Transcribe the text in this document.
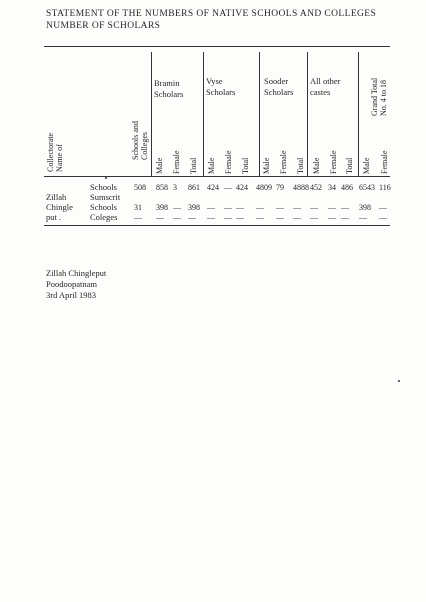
STATEMENT OF THE NUMBERS OF NATIVE SCHOOLS AND COLLEGES
NUMBER OF SCHOLARS
Bramin
Scholars
Vyse
Scholars
Sooder
Scholars
All other
castes
Collectorate Name of	Schools and Colleges
Grand Total No. 4 to 18
Male Female Total Male Female Total Male Female Total Male Female Total Male Female
Zillah
Chingle
put .
Schools
Sumscrit
Schools
Coleges
508 858 3 861 424 — 424 4809 79 4888 452 34 486 6543 116
31 398 — 398 — — — — — — — — — 398 —
— — — — — — — — — — — — — — —
Zillah Chingleput
Poodoopatnam
3rd April 1983
